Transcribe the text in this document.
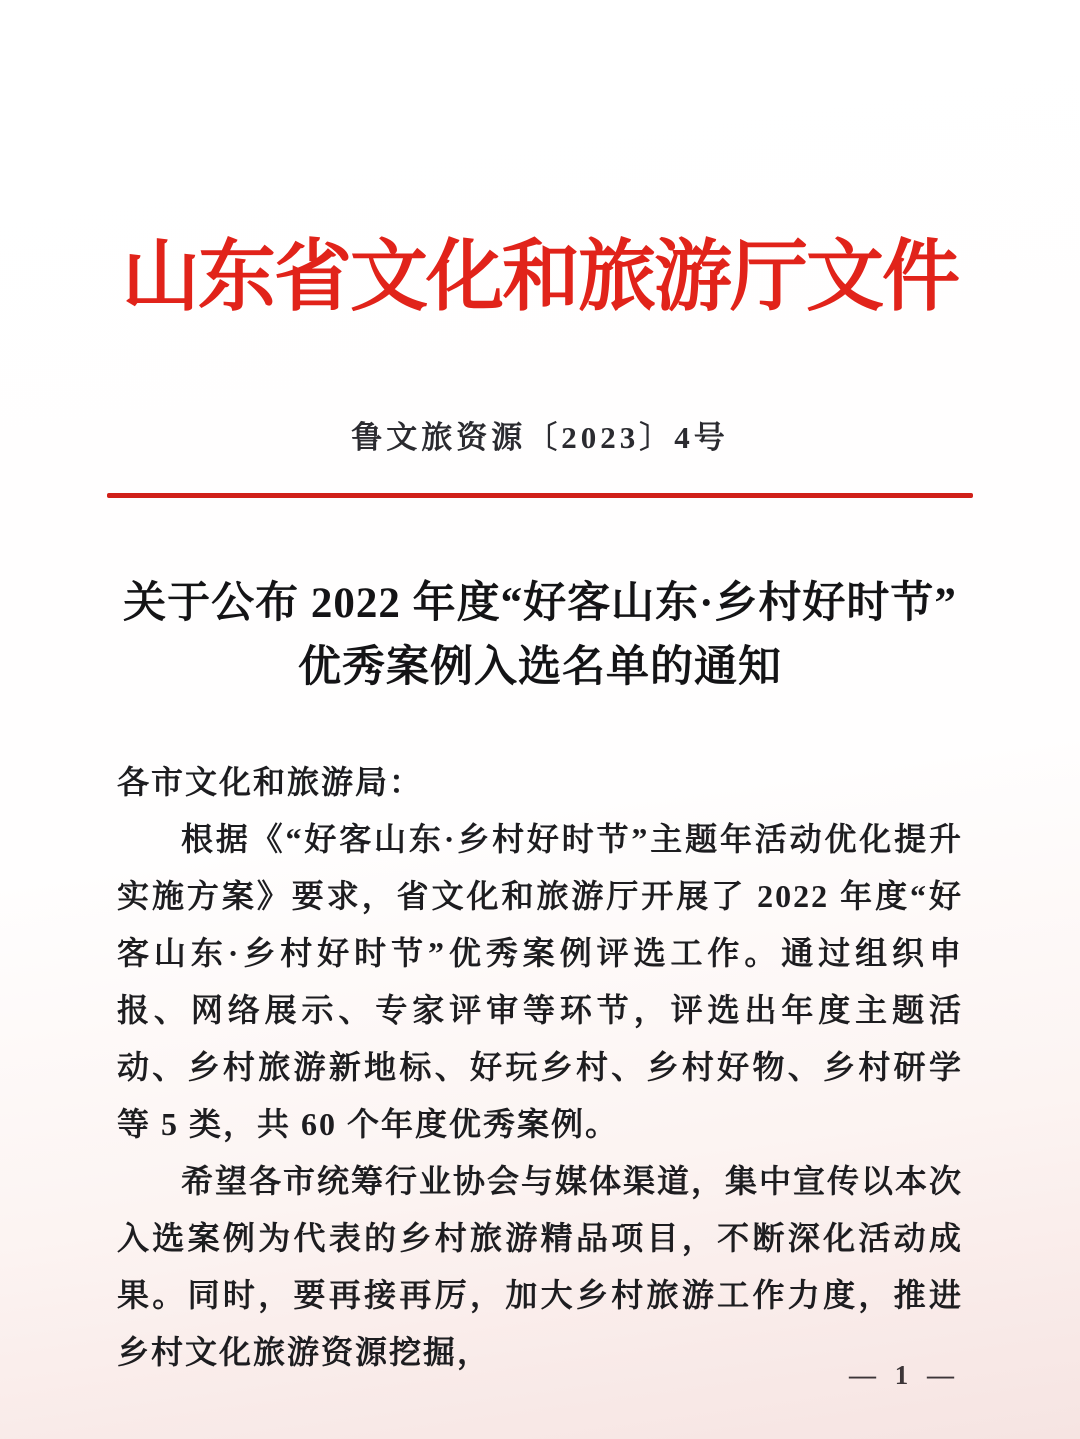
山东省文化和旅游厅文件
鲁文旅资源〔2023〕4号
关于公布 2022 年度“好客山东·乡村好时节”
优秀案例入选名单的通知

各市文化和旅游局：

根据《“好客山东·乡村好时节”主题年活动优化提升实施方案》要求，省文化和旅游厅开展了 2022 年度“好客山东·乡村好时节”优秀案例评选工作。通过组织申报、网络展示、专家评审等环节，评选出年度主题活动、乡村旅游新地标、好玩乡村、乡村好物、乡村研学等 5 类，共 60 个年度优秀案例。

希望各市统筹行业协会与媒体渠道，集中宣传以本次入选案例为代表的乡村旅游精品项目，不断深化活动成果。同时，要再接再厉，加大乡村旅游工作力度，推进乡村文化旅游资源挖掘，

— 1 —
